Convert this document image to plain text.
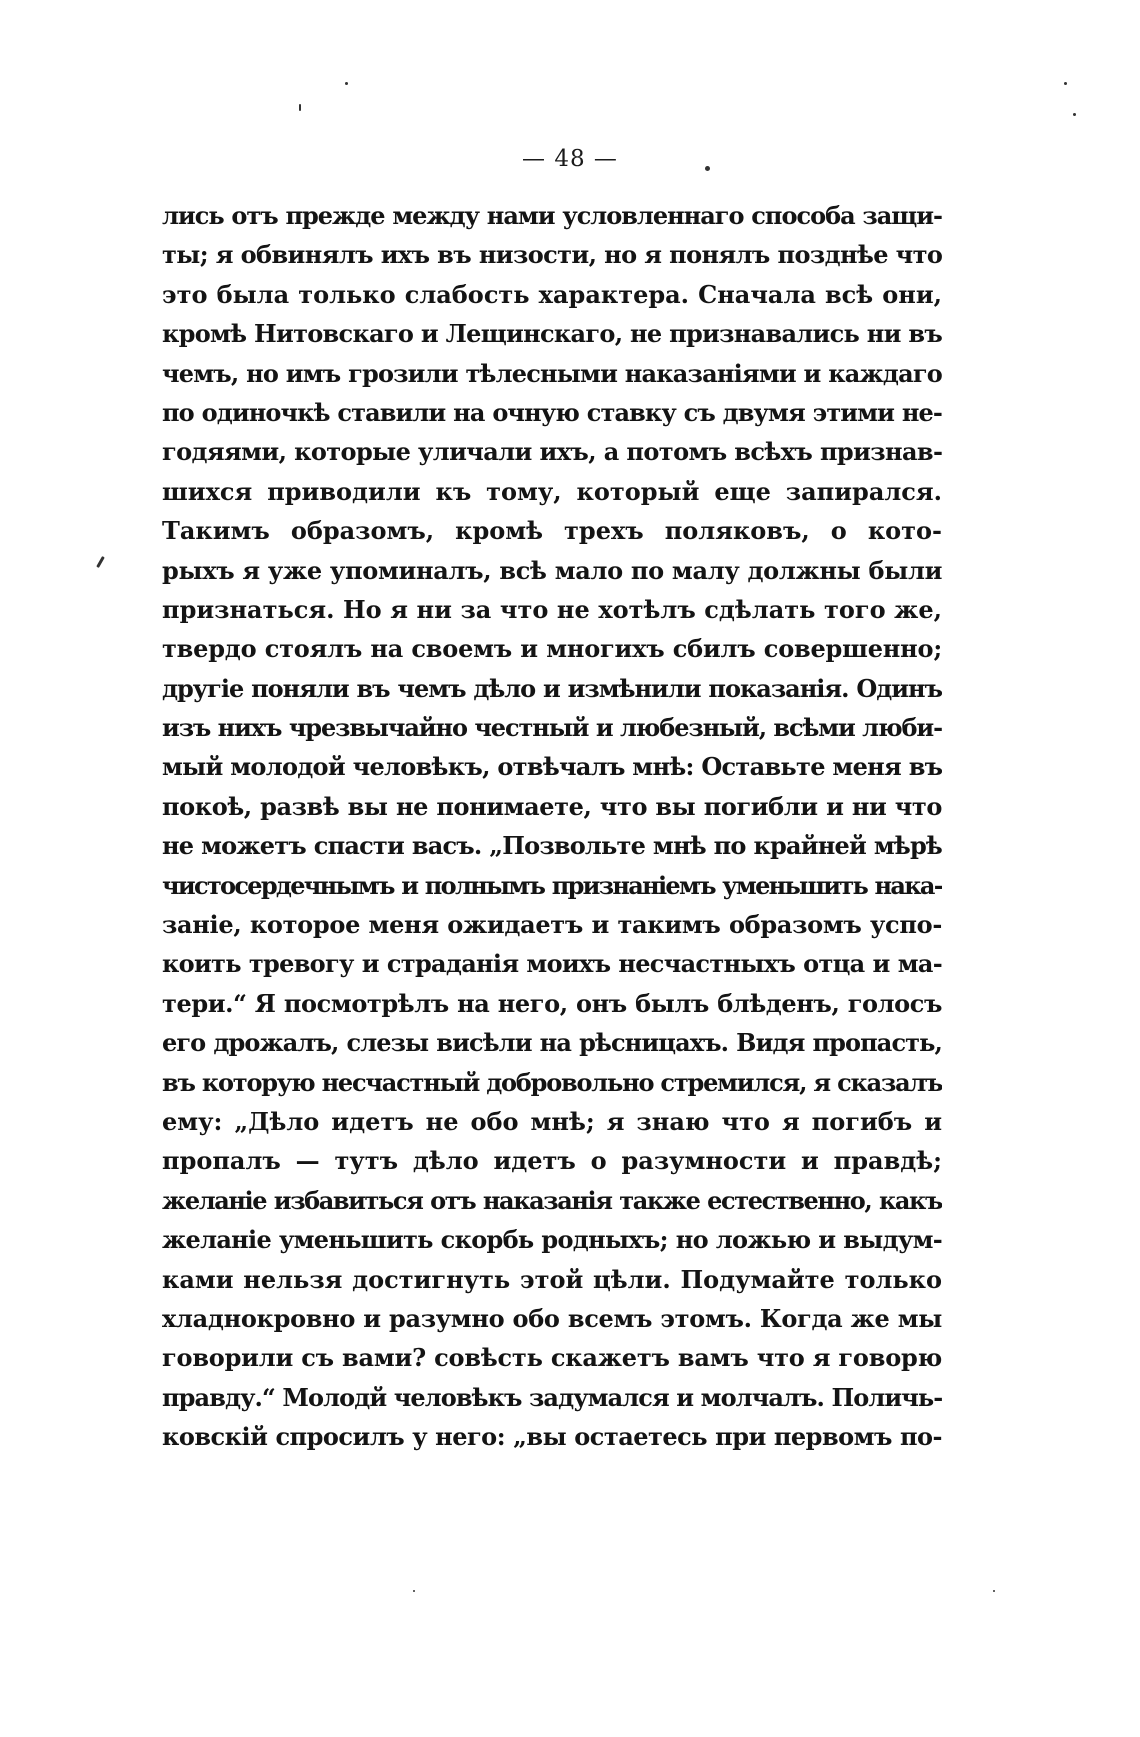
— 48 —
лись отъ прежде между нами условленнаго способа защи-
ты; я обвинялъ ихъ въ низости, но я понялъ позднѣе что
это была только слабость характера. Сначала всѣ они,
кромѣ Нитовскаго и Лещинскаго, не признавались ни въ
чемъ, но имъ грозили тѣлесными наказаніями и каждаго
по одиночкѣ ставили на очную ставку съ двумя этими не-
годяями, которые уличали ихъ, а потомъ всѣхъ признав-
шихся приводили къ тому, который еще запирался.
Такимъ образомъ, кромѣ трехъ поляковъ, о кото-
рыхъ я уже упоминалъ, всѣ мало по малу должны были
признаться. Но я ни за что не хотѣлъ сдѣлать того же,
твердо стоялъ на своемъ и многихъ сбилъ совершенно;
другіе поняли въ чемъ дѣло и измѣнили показанія. Одинъ
изъ нихъ чрезвычайно честный и любезный, всѣми люби-
мый молодой человѣкъ, отвѣчалъ мнѣ: Оставьте меня въ
покоѣ, развѣ вы не понимаете, что вы погибли и ни что
не можетъ спасти васъ. „Позвольте мнѣ по крайней мѣрѣ
чистосердечнымъ и полнымъ признаніемъ уменьшить нака-
заніе, которое меня ожидаетъ и такимъ образомъ успо-
коить тревогу и страданія моихъ несчастныхъ отца и ма-
тери.“ Я посмотрѣлъ на него, онъ былъ блѣденъ, голосъ
его дрожалъ, слезы висѣли на рѣсницахъ. Видя пропасть,
въ которую несчастный добровольно стремился, я сказалъ
ему: „Дѣло идетъ не обо мнѣ; я знаю что я погибъ и
пропалъ — тутъ дѣло идетъ о разумности и правдѣ;
желаніе избавиться отъ наказанія также естественно, какъ
желаніе уменьшить скорбь родныхъ; но ложью и выдум-
ками нельзя достигнуть этой цѣли. Подумайте только
хладнокровно и разумно обо всемъ этомъ. Когда же мы
говорили съ вами? совѣсть скажетъ вамъ что я говорю
правду.“ Молодй человѣкъ задумался и молчалъ. Поличь-
ковскій спросилъ у него: „вы остаетесь при первомъ по-
